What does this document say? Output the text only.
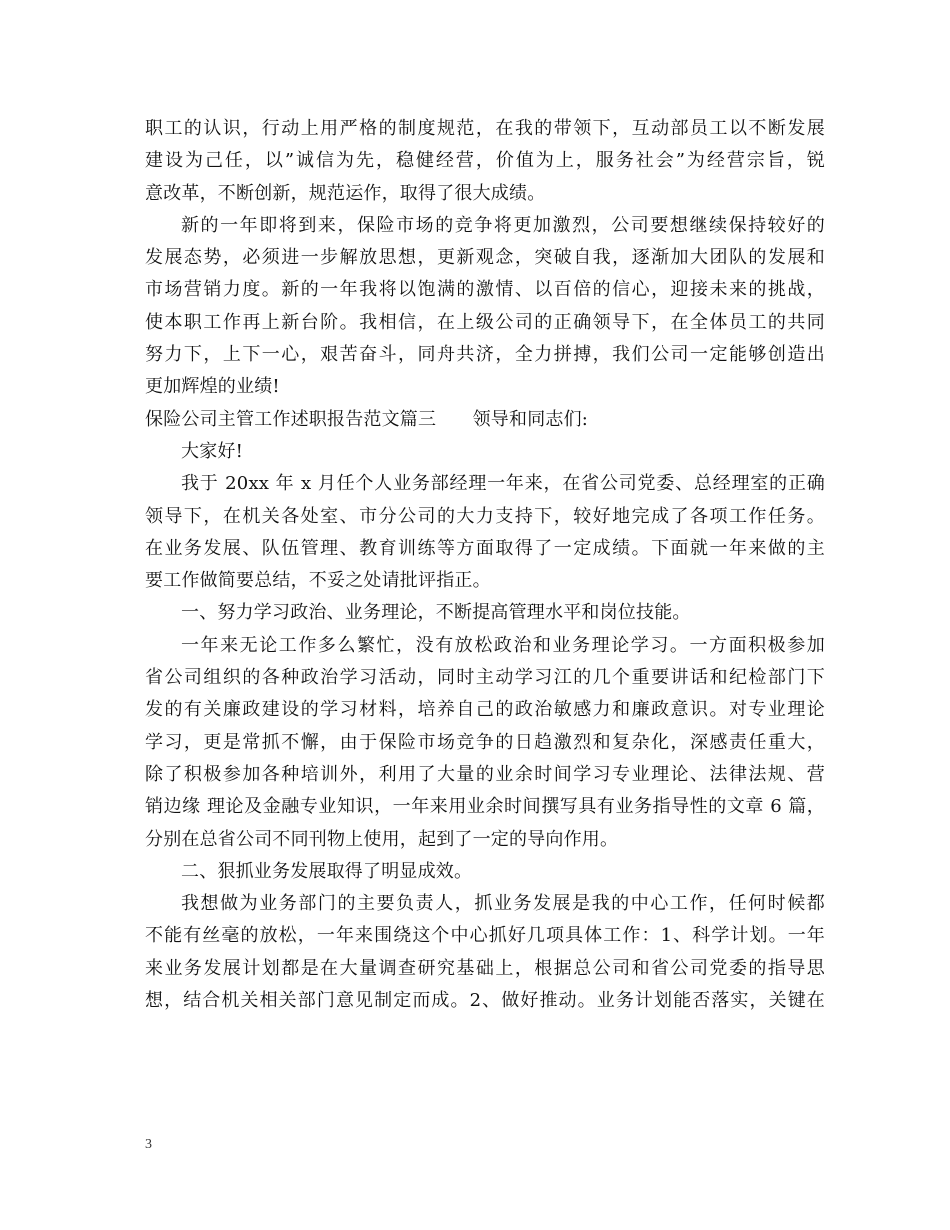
职工的认识，行动上用严格的制度规范，在我的带领下，互动部员工以不断发展
建设为己任，以”诚信为先，稳健经营，价值为上，服务社会”为经营宗旨，锐
意改革，不断创新，规范运作，取得了很大成绩。
新的一年即将到来，保险市场的竞争将更加激烈，公司要想继续保持较好的
发展态势，必须进一步解放思想，更新观念，突破自我，逐渐加大团队的发展和
市场营销力度。新的一年我将以饱满的激情、以百倍的信心，迎接未来的挑战，
使本职工作再上新台阶。我相信，在上级公司的正确领导下，在全体员工的共同
努力下，上下一心，艰苦奋斗，同舟共济，全力拼搏，我们公司一定能够创造出
更加辉煌的业绩!
保险公司主管工作述职报告范文篇三　　领导和同志们:
大家好!
我于 20xx 年 x 月任个人业务部经理一年来，在省公司党委、总经理室的正确
领导下，在机关各处室、市分公司的大力支持下，较好地完成了各项工作任务。
在业务发展、队伍管理、教育训练等方面取得了一定成绩。下面就一年来做的主
要工作做简要总结，不妥之处请批评指正。
一、努力学习政治、业务理论，不断提高管理水平和岗位技能。
一年来无论工作多么繁忙，没有放松政治和业务理论学习。一方面积极参加
省公司组织的各种政治学习活动，同时主动学习江的几个重要讲话和纪检部门下
发的有关廉政建设的学习材料，培养自己的政治敏感力和廉政意识。对专业理论
学习，更是常抓不懈，由于保险市场竞争的日趋激烈和复杂化，深感责任重大，
除了积极参加各种培训外，利用了大量的业余时间学习专业理论、法律法规、营
销边缘 理论及金融专业知识，一年来用业余时间撰写具有业务指导性的文章 6 篇，
分别在总省公司不同刊物上使用，起到了一定的导向作用。
二、狠抓业务发展取得了明显成效。
我想做为业务部门的主要负责人，抓业务发展是我的中心工作，任何时候都
不能有丝毫的放松，一年来围绕这个中心抓好几项具体工作：1、科学计划。一年
来业务发展计划都是在大量调查研究基础上，根据总公司和省公司党委的指导思
想，结合机关相关部门意见制定而成。2、做好推动。业务计划能否落实，关键在
3
